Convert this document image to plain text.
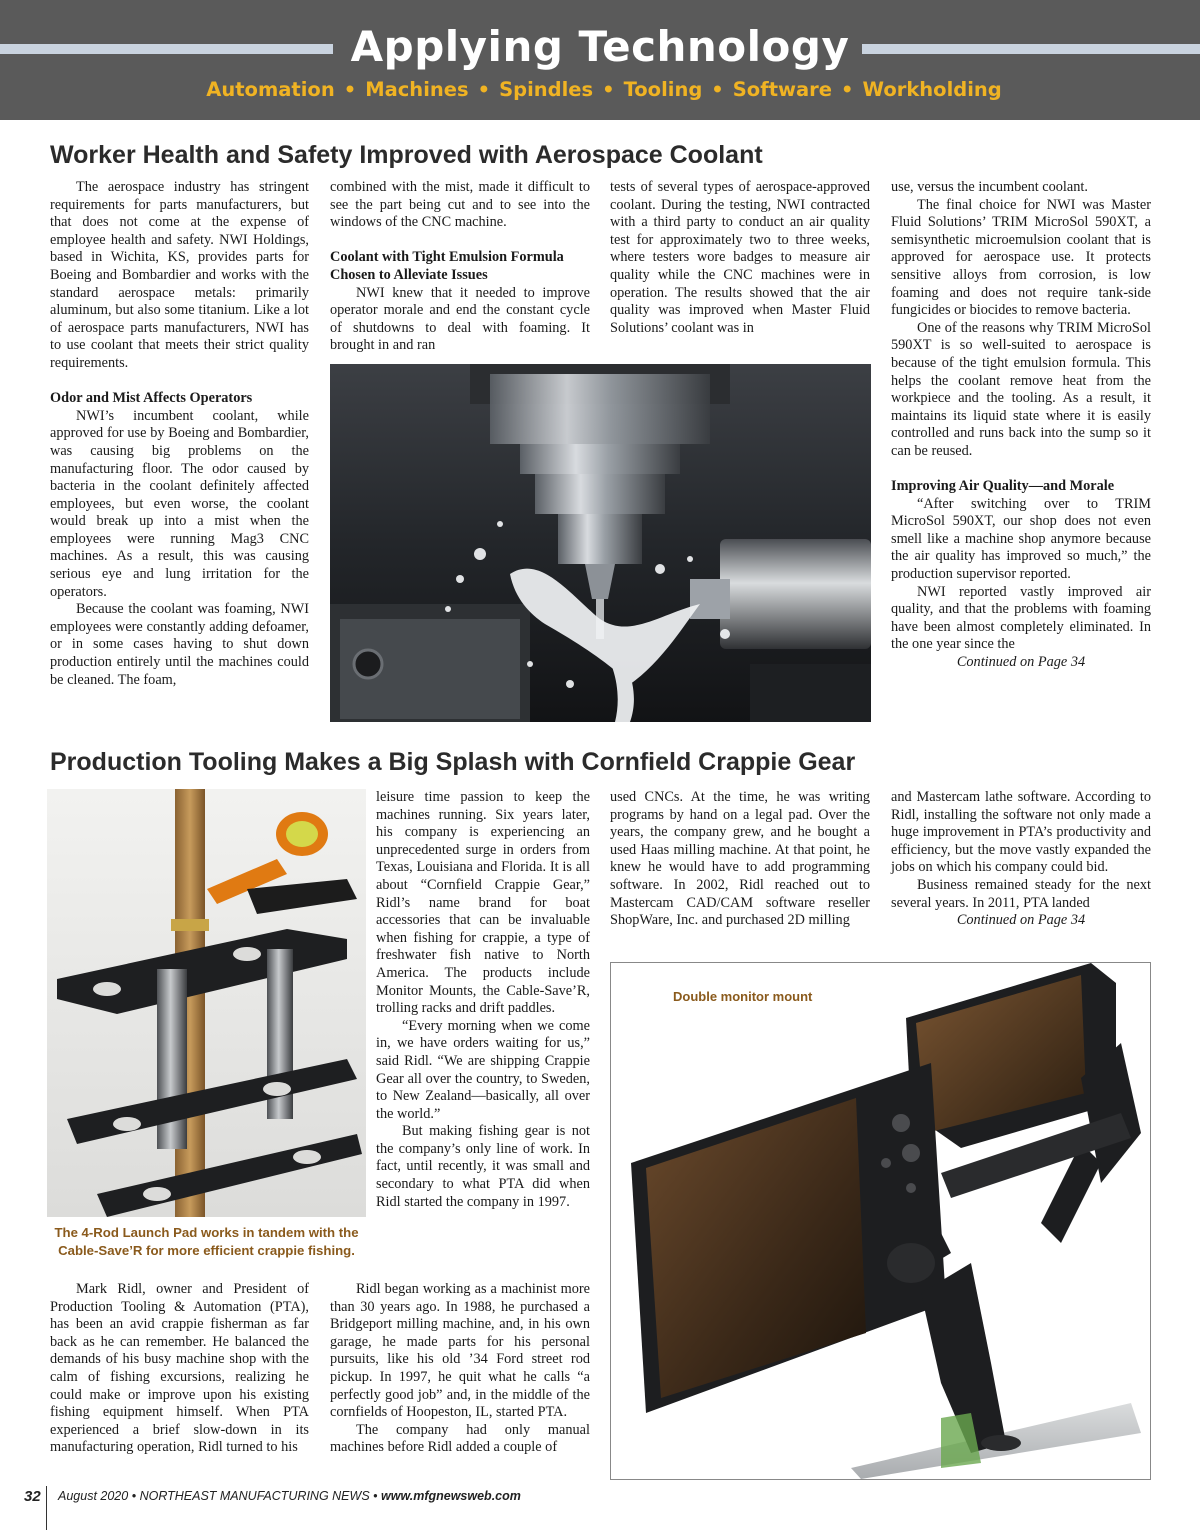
Applying Technology
Automation • Machines • Spindles • Tooling • Software • Workholding
Worker Health and Safety Improved with Aerospace Coolant

The aerospace industry has stringent requirements for parts manufacturers, but that does not come at the expense of employee health and safety. NWI Holdings, based in Wichita, KS, provides parts for Boeing and Bombardier and works with the standard aerospace metals: primarily aluminum, but also some titanium. Like a lot of aerospace parts manufacturers, NWI has to use coolant that meets their strict quality requirements.

Odor and Mist Affects Operators

NWI’s incumbent coolant, while approved for use by Boeing and Bombardier, was causing big problems on the manufacturing floor. The odor caused by bacteria in the coolant definitely affected employees, but even worse, the coolant would break up into a mist when the employees were running Mag3 CNC machines. As a result, this was causing serious eye and lung irritation for the operators.

Because the coolant was foaming, NWI employees were constantly adding defoamer, or in some cases having to shut down production entirely until the machines could be cleaned. The foam,

combined with the mist, made it difficult to see the part being cut and to see into the windows of the CNC machine.

Coolant with Tight Emulsion Formula Chosen to Alleviate Issues

NWI knew that it needed to improve operator morale and end the constant cycle of shutdowns to deal with foaming. It brought in and ran

tests of several types of aerospace-approved coolant. During the testing, NWI contracted with a third party to conduct an air quality test for approximately two to three weeks, where testers wore badges to measure air quality while the CNC machines were in operation. The results showed that the air quality was improved when Master Fluid Solutions’ coolant was in

use, versus the incumbent coolant.

The final choice for NWI was Master Fluid Solutions’ TRIM MicroSol 590XT, a semisynthetic microemulsion coolant that is approved for aerospace use. It protects sensitive alloys from corrosion, is low foaming and does not require tank-side fungicides or biocides to remove bacteria.

One of the reasons why TRIM MicroSol 590XT is so well-suited to aerospace is because of the tight emulsion formula. This helps the coolant remove heat from the workpiece and the tooling. As a result, it maintains its liquid state where it is easily controlled and runs back into the sump so it can be reused.

Improving Air Quality—and Morale

“After switching over to TRIM MicroSol 590XT, our shop does not even smell like a machine shop anymore because the air quality has improved so much,” the production supervisor reported.

NWI reported vastly improved air quality, and that the problems with foaming have been almost completely eliminated. In the one year since the

Continued on Page 34

Production Tooling Makes a Big Splash with Cornfield Crappie Gear
The 4-Rod Launch Pad works in tandem with the Cable-Save’R for more efficient crappie fishing.

leisure time passion to keep the machines running. Six years later, his company is experiencing an unprecedented surge in orders from Texas, Louisiana and Florida. It is all about “Cornfield Crappie Gear,” Ridl’s name brand for boat accessories that can be invaluable when fishing for crappie, a type of freshwater fish native to North America. The products include Monitor Mounts, the Cable-Save’R, trolling racks and drift paddles.

“Every morning when we come in, we have orders waiting for us,” said Ridl. “We are shipping Crappie Gear all over the country, to Sweden, to New Zealand—basically, all over the world.”

But making fishing gear is not the company’s only line of work. In fact, until recently, it was small and secondary to what PTA did when Ridl started the company in 1997.

Mark Ridl, owner and President of Production Tooling & Automation (PTA), has been an avid crappie fisherman as far back as he can remember. He balanced the demands of his busy machine shop with the calm of fishing excursions, realizing he could make or improve upon his existing fishing equipment himself. When PTA experienced a brief slow-down in its manufacturing operation, Ridl turned to his

Ridl began working as a machinist more than 30 years ago. In 1988, he purchased a Bridgeport milling machine, and, in his own garage, he made parts for his personal pursuits, like his old ’34 Ford street rod pickup. In 1997, he quit what he calls “a perfectly good job” and, in the middle of the cornfields of Hoopeston, IL, started PTA.

The company had only manual machines before Ridl added a couple of

used CNCs. At the time, he was writing programs by hand on a legal pad. Over the years, the company grew, and he bought a used Haas milling machine. At that point, he knew he would have to add programming software. In 2002, Ridl reached out to Mastercam CAD/CAM software reseller ShopWare, Inc. and purchased 2D milling

and Mastercam lathe software. According to Ridl, installing the software not only made a huge improvement in PTA’s productivity and efficiency, but the move vastly expanded the jobs on which his company could bid.

Business remained steady for the next several years. In 2011, PTA landed

Continued on Page 34

Double monitor mount
32 August 2020 • NORTHEAST MANUFACTURING NEWS • www.mfgnewsweb.com
